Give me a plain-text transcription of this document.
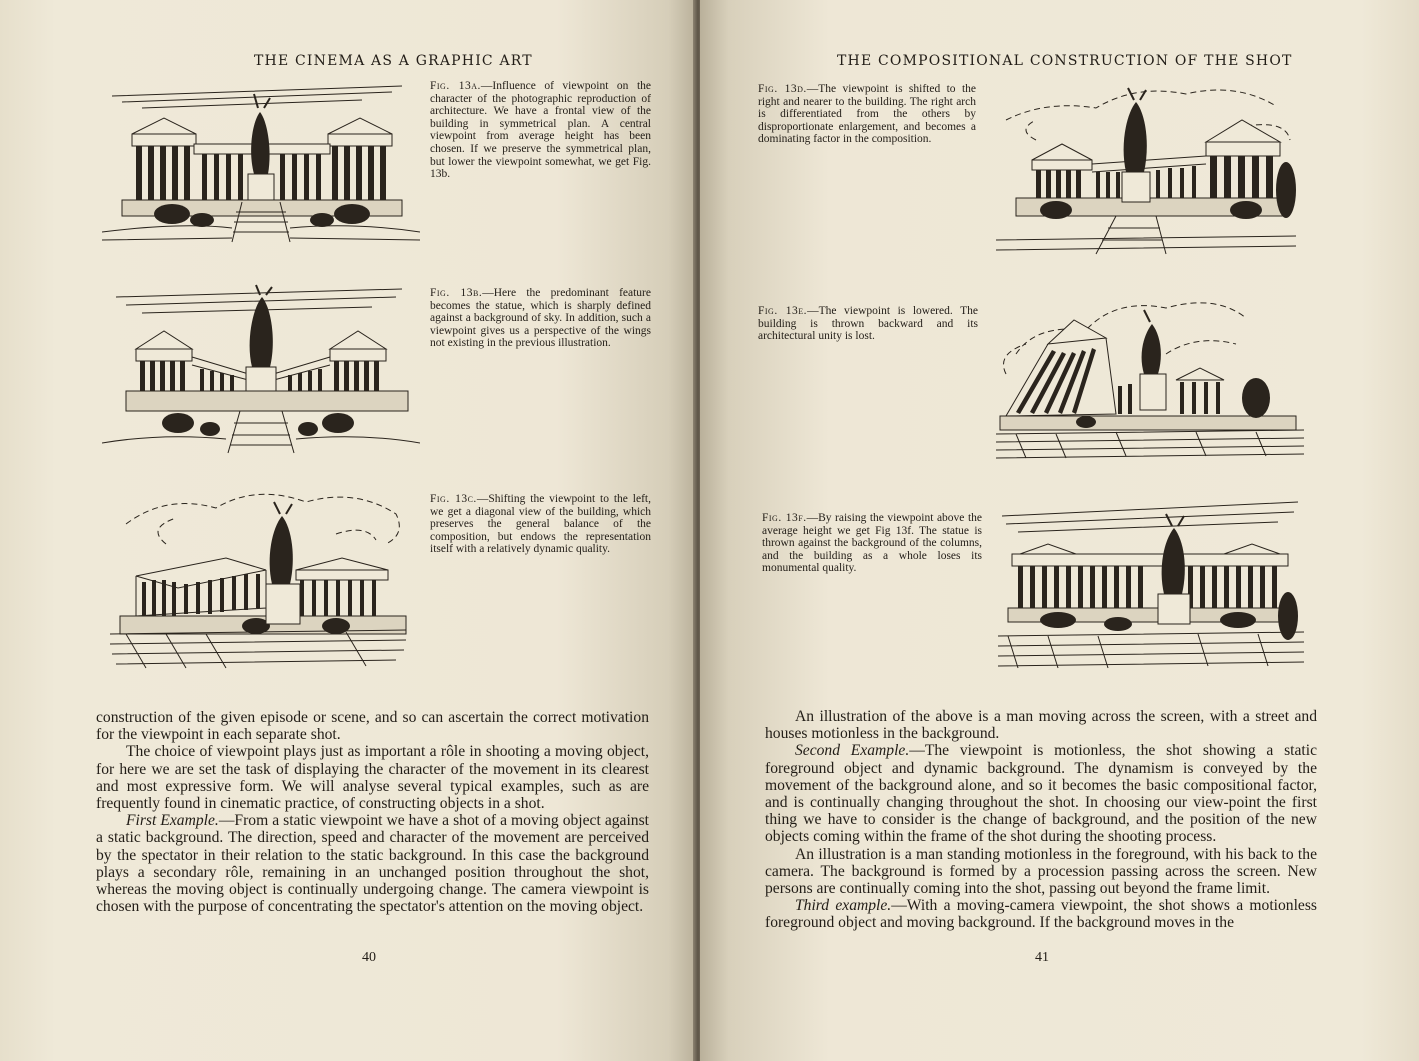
THE CINEMA AS A GRAPHIC ART
Fig. 13a.—Influence of viewpoint on the character of the photographic reproduction of architecture. We have a frontal view of the building in symmetrical plan. A central viewpoint from average height has been chosen. If we preserve the symmetrical plan, but lower the viewpoint somewhat, we get Fig. 13b.
Fig. 13b.—Here the predominant feature becomes the statue, which is sharply defined against a background of sky. In addition, such a viewpoint gives us a perspective of the wings not existing in the previous illustration.
Fig. 13c.—Shifting the viewpoint to the left, we get a diagonal view of the building, which preserves the general balance of the composition, but endows the representation itself with a relatively dynamic quality.

construction of the given episode or scene, and so can ascertain the correct motivation for the viewpoint in each separate shot.

The choice of viewpoint plays just as important a rôle in shooting a moving object, for here we are set the task of displaying the character of the movement in its clearest and most expressive form. We will analyse several typical examples, such as are frequently found in cinematic practice, of constructing objects in a shot.

First Example.—From a static viewpoint we have a shot of a moving object against a static background. The direction, speed and character of the movement are perceived by the spectator in their relation to the static background. In this case the background plays a secondary rôle, remaining in an unchanged position throughout the shot, whereas the moving object is continually undergoing change. The camera viewpoint is chosen with the purpose of concentrating the spectator's attention on the moving object.

40
THE COMPOSITIONAL CONSTRUCTION OF THE SHOT
Fig. 13d.—The viewpoint is shifted to the right and nearer to the building. The right arch is differentiated from the others by disproportionate enlargement, and becomes a dominating factor in the composition.
Fig. 13e.—The viewpoint is lowered. The building is thrown backward and its architectural unity is lost.
Fig. 13f.—By raising the viewpoint above the average height we get Fig 13f. The statue is thrown against the background of the columns, and the building as a whole loses its monumental quality.

An illustration of the above is a man moving across the screen, with a street and houses motionless in the background.

Second Example.—The viewpoint is motionless, the shot showing a static foreground object and dynamic background. The dynamism is conveyed by the movement of the background alone, and so it becomes the basic compositional factor, and is continually changing throughout the shot. In choosing our view-point the first thing we have to consider is the change of background, and the position of the new objects coming within the frame of the shot during the shooting process.

An illustration is a man standing motionless in the foreground, with his back to the camera. The background is formed by a procession passing across the screen. New persons are continually coming into the shot, passing out beyond the frame limit.

Third example.—With a moving-camera viewpoint, the shot shows a motionless foreground object and moving background. If the background moves in the

41
